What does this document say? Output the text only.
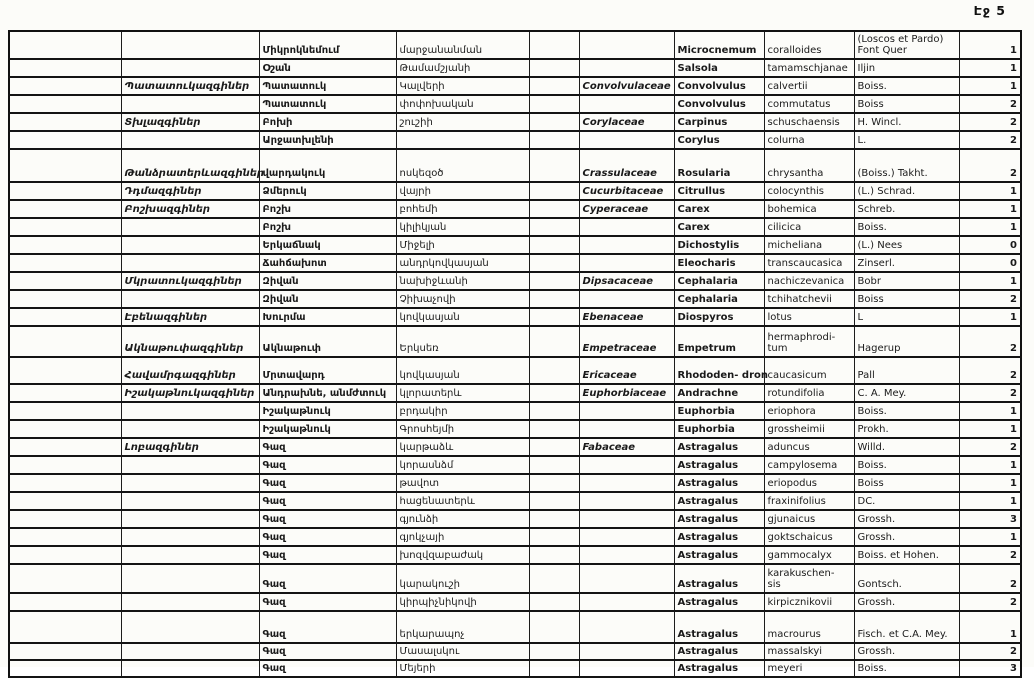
Էջ 5
		Միկրոկնեմում	մարջանանման			Microcnemum	coralloides	(Loscos et Pardo) Font Quer	1
		Օշան	Թամամշյանի			Salsola	tamamschjanae	Iljin	1
	Պատատուկազգիներ	Պատատուկ	Կալվերի		Convolvulaceae	Convolvulus	calvertii	Boiss.	1
		Պատատուկ	փոփոխական			Convolvulus	commutatus	Boiss	2
	Տխլազգիներ	Բոխի	շուշիի		Corylaceae	Carpinus	schuschaensis	H. Wincl.	2
		Արջատխլենի				Corylus	colurna	L.	2
	Թանձրատերևազգիներ	վարդակուկ	ոսկեզօծ		Crassulaceae	Rosularia	chrysantha	(Boiss.) Takht.	2
	Դդմազգիներ	Ձմերուկ	վայրի		Cucurbitaceae	Citrullus	colocynthis	(L.) Schrad.	1
	Բոշխազգիներ	Բոշխ	բոհեմի		Cyperaceae	Carex	bohemica	Schreb.	1
		Բոշխ	կիլիկյան			Carex	cilicica	Boiss.	1
		Երկաճնակ	Միջելի			Dichostylis	micheliana	(L.) Nees	0
		Ճահճախոտ	անդրկովկասյան			Eleocharis	transcaucasica	Zinserl.	0
	Մկրատուկազգիներ	Զիվան	նախիջևանի		Dipsacaceae	Cephalaria	nachiczevanica	Bobr	1
		Զիվան	Չիխաչովի			Cephalaria	tchihatchevii	Boiss	2
	Էբենազգիներ	Խուրմա	կովկասյան		Ebenaceae	Diospyros	lotus	L	1
	Ակնաթուփազգիներ	Ակնաթուփ	Երկսեռ		Empetraceae	Empetrum	hermaphrodi- tum	Hagerup	2
	Հավամրգազգիներ	Մրտավարդ	կովկասյան		Ericaceae	Rhododen- dron	caucasicum	Pall	2
	Իշակաթնուկազգիներ	Անդրախնե, անմժտուկ	կլորատերև		Euphorbiaceae	Andrachne	rotundifolia	C. A. Mey.	2
		Իշակաթնուկ	բրդակիր			Euphorbia	eriophora	Boiss.	1
		Իշակաթնուկ	Գրոսհեյմի			Euphorbia	grossheimii	Prokh.	1
	Լոբազգիներ	Գազ	կարթաձև		Fabaceae	Astragalus	aduncus	Willd.	2
		Գազ	կորասնձմ			Astragalus	campylosema	Boiss.	1
		Գազ	թավոտ			Astragalus	eriopodus	Boiss	1
		Գազ	հացենատերև			Astragalus	fraxinifolius	DC.	1
		Գազ	գյունձի			Astragalus	gjunaicus	Grossh.	3
		Գազ	գյոկչայի			Astragalus	goktschaicus	Grossh.	1
		Գազ	խոզվզաբաժակ			Astragalus	gammocalyx	Boiss. et Hohen.	2
		Գազ	կարակուշի			Astragalus	karakuschen- sis	Gontsch.	2
		Գազ	կիրպիչնիկովի			Astragalus	kirpicznikovii	Grossh.	2
		Գազ	երկարապոչ			Astragalus	macrourus	Fisch. et C.A. Mey.	1
		Գազ	Մասալսկու			Astragalus	massalskyi	Grossh.	2
		Գազ	Մեյերի			Astragalus	meyeri	Boiss.	3
